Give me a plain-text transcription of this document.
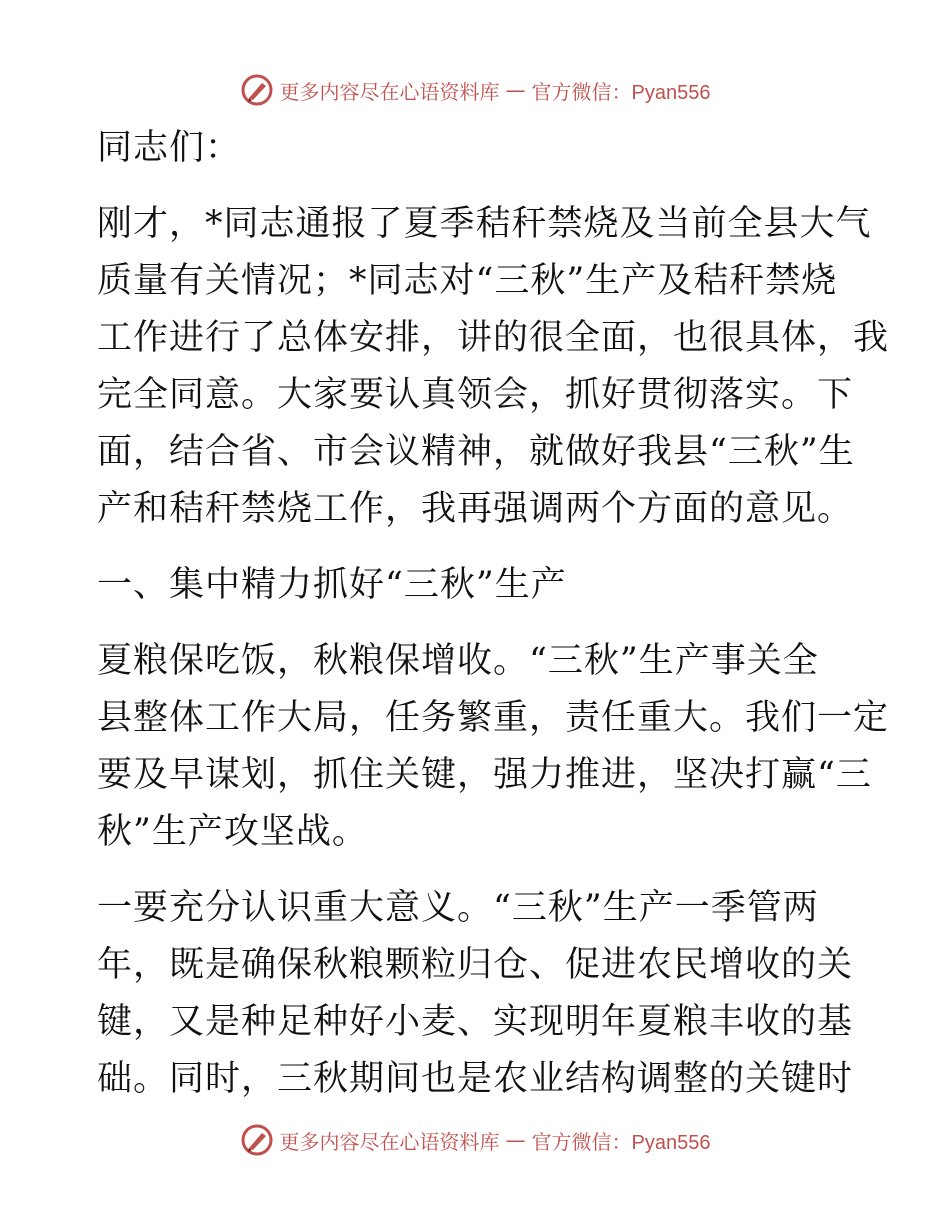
更多内容尽在心语资料库 — 官方微信：Pyan556
同志们：
刚才，*同志通报了夏季秸秆禁烧及当前全县大气
质量有关情况；*同志对“三秋”生产及秸秆禁烧
工作进行了总体安排，讲的很全面，也很具体，我
完全同意。大家要认真领会，抓好贯彻落实。下
面，结合省、市会议精神，就做好我县“三秋”生
产和秸秆禁烧工作，我再强调两个方面的意见。
一、集中精力抓好“三秋”生产
夏粮保吃饭，秋粮保增收。“三秋”生产事关全
县整体工作大局，任务繁重，责任重大。我们一定
要及早谋划，抓住关键，强力推进，坚决打赢“三
秋”生产攻坚战。
一要充分认识重大意义。“三秋”生产一季管两
年，既是确保秋粮颗粒归仓、促进农民增收的关
键，又是种足种好小麦、实现明年夏粮丰收的基
础。同时，三秋期间也是农业结构调整的关键时
更多内容尽在心语资料库 — 官方微信：Pyan556
